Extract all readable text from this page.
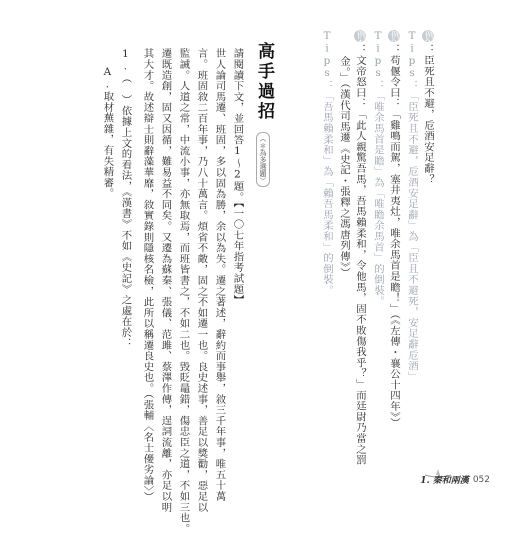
例2：臣死且不避，卮酒安足辭？
Tips：「臣死且不避，卮酒安足辭」為「臣且不避死，安足辭卮酒」
例3：苟偃令曰：「雞鳴而駕，塞井夷灶，唯余馬首是瞻！」（《左傳・襄公十四年》）
Tips：「唯余馬首是瞻」為「唯瞻余馬首」的倒裝。
例4：文帝怒曰：「此人親驚吾馬，吾馬賴柔和，令他馬，固不敗傷我乎？」而廷尉乃當之罰
金。」（漢代司馬遷《史記・張釋之馮唐列傳》）
Tips：「吾馬賴柔和」為「賴吾馬柔和」的倒裝。
高手過招
（＊為多選題）
請閱讀下文，並回答1～2題。【一〇七年指考試題】
世人論司馬遷、班固，多以固為勝，余以為失。遷之著述，辭約而事舉，敘三千年事，唯五十萬
言。班固敘二百年事，乃八十萬言。煩省不敵，固之不如遷一也。良史述事，善足以獎勸，惡足以
監誡。人道之常，中流小事，亦無取焉，而班皆書之，不如二也。毀貶鼂錯，傷忠臣之道，不如三也。
遷既造創，固又因循，難易益不同矣。又遷為蘇秦、張儀、范雎、蔡澤作傳，逞詞流離，亦足以明
其大才。故述辯士則辭藻華靡，敘實錄則隱核名檢，此所以稱遷良史也。（張輔〈名士優劣論〉）
1.（　）依據上文的看法，《漢書》不如《史記》之處在於：
A.取材蕪雜，有失精審。
1. 秦和兩漢 052
